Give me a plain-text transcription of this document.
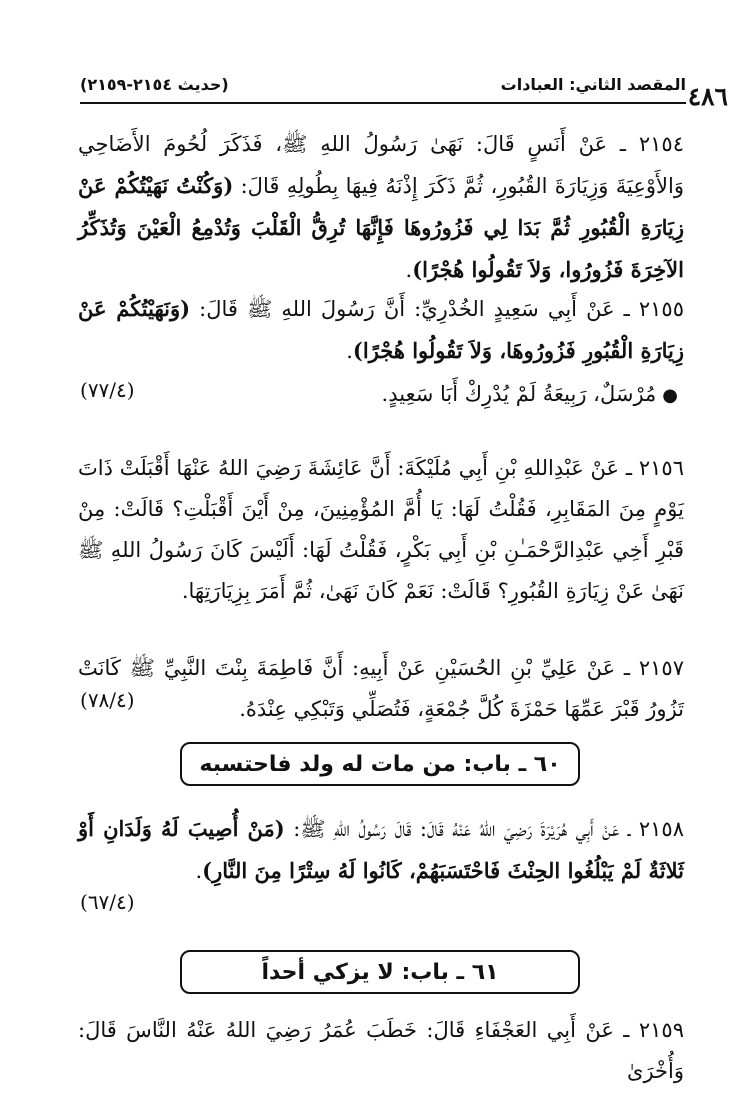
٤٨٦
المقصد الثاني: العبادات
(حديث ٢١٥٤-٢١٥٩)

٢١٥٤ ـ عَنْ أَنَسٍ قَالَ: نَهَىٰ رَسُولُ اللهِ ﷺ، فَذَكَرَ لُحُومَ الأَضَاحِي وَالأَوْعِيَةَ وَزِيَارَةَ القُبُورِ، ثُمَّ ذَكَرَ إِذْنَهُ فِيهَا بِطُولِهِ قَالَ: (وَكُنْتُ نَهَيْتُكُمْ عَنْ زِيَارَةِ الْقُبُورِ ثُمَّ بَدَا لِي فَزُورُوهَا فَإِنَّهَا تُرِقُّ الْقَلْبَ وَتُدْمِعُ الْعَيْنَ وَتُذَكِّرُ الآخِرَةَ فَزُورُوا، وَلاَ تَقُولُوا هُجْرًا).

٢١٥٥ ـ عَنْ أَبِي سَعِيدٍ الخُدْرِيِّ: أَنَّ رَسُولَ اللهِ ﷺ قَالَ: (وَنَهَيْتُكُمْ عَنْ زِيَارَةِ الْقُبُورِ فَزُورُوهَا، وَلاَ تَقُولُوا هُجْرًا).

●مُرْسَلٌ، رَبِيعَةُ لَمْ يُدْرِكْ أَبَا سَعِيدٍ.

(٧٧/٤)

٢١٥٦ ـ عَنْ عَبْدِاللهِ بْنِ أَبِي مُلَيْكَةَ: أَنَّ عَائِشَةَ رَضِيَ اللهُ عَنْهَا أَقْبَلَتْ ذَاتَ يَوْمٍ مِنَ المَقَابِرِ، فَقُلْتُ لَهَا: يَا أُمَّ المُؤْمِنِينَ، مِنْ أَيْنَ أَقْبَلْتِ؟ قَالَتْ: مِنْ قَبْرِ أَخِي عَبْدِالرَّحْمَـٰنِ بْنِ أَبِي بَكْرٍ، فَقُلْتُ لَهَا: أَلَيْسَ كَانَ رَسُولُ اللهِ ﷺ نَهَىٰ عَنْ زِيَارَةِ القُبُورِ؟ قَالَتْ: نَعَمْ كَانَ نَهَىٰ، ثُمَّ أَمَرَ بِزِيَارَتِهَا.

٢١٥٧ ـ عَنْ عَلِيِّ بْنِ الحُسَيْنِ عَنْ أَبِيهِ: أَنَّ فَاطِمَةَ بِنْتَ النَّبِيِّ ﷺ كَانَتْ تَزُورُ قَبْرَ عَمِّهَا حَمْزَةَ كُلَّ جُمْعَةٍ، فَتُصَلِّي وَتَبْكِي عِنْدَهُ.

(٧٨/٤)
٦٠ ـ باب: من مات له ولد فاحتسبه

٢١٥٨ ـ عَنْ أَبِي هُرَيْرَةَ رَضِيَ اللهُ عَنْهُ قَالَ: قَالَ رَسُولُ اللهِ ﷺ: (مَنْ أُصِيبَ لَهُ وَلَدَانِ أَوْ ثَلاثَةٌ لَمْ يَبْلُغُوا الحِنْثَ فَاحْتَسَبَهُمْ، كَانُوا لَهُ سِتْرًا مِنَ النَّارِ).

(٦٧/٤)
٦١ ـ باب: لا يزكي أحداً

٢١٥٩ ـ عَنْ أَبِي العَجْفَاءِ قَالَ: خَطَبَ عُمَرُ رَضِيَ اللهُ عَنْهُ النَّاسَ قَالَ: وَأُخْرَىٰ
